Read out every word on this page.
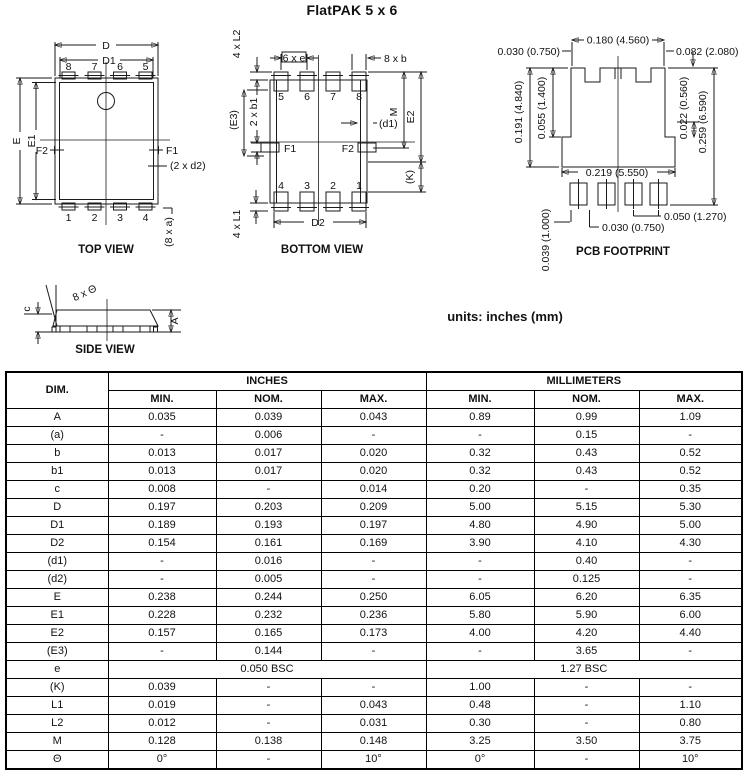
FlatPAK 5 x 6
8 7 6 5
1 2 3 4
D
D1
E E1
F2	F1
(2 x d2)
(8 x a)
TOP VIEW
5 6 7 8
4 3 2 1
F1	F2
4 x L2
6 x e	8 x b
(E3) 2 x b1	M E2
(d1)
(K)
D2
4 x L1
BOTTOM VIEW
0.180 (4.560)
0.030 (0.750)	0.082 (2.080)
0.191 (4.840) 0.055 (1.400)	0.022 (0.560) 0.259 (6.590)
0.219 (5.550)
0.050 (1.270)
0.030 (0.750)
0.039 (1.000) PCB FOOTPRINT
8 x Θ
c
A
SIDE VIEW
units: inches (mm)
DIM.	INCHES			MILLIMETERS		
	MIN.	NOM.	MAX.	MIN.	NOM.	MAX.
A	0.035	0.039	0.043	0.89	0.99	1.09
(a)	-	0.006	-	-	0.15	-
b	0.013	0.017	0.020	0.32	0.43	0.52
b1	0.013	0.017	0.020	0.32	0.43	0.52
c	0.008	-	0.014	0.20	-	0.35
D	0.197	0.203	0.209	5.00	5.15	5.30
D1	0.189	0.193	0.197	4.80	4.90	5.00
D2	0.154	0.161	0.169	3.90	4.10	4.30
(d1)	-	0.016	-	-	0.40	-
(d2)	-	0.005	-	-	0.125	-
E	0.238	0.244	0.250	6.05	6.20	6.35
E1	0.228	0.232	0.236	5.80	5.90	6.00
E2	0.157	0.165	0.173	4.00	4.20	4.40
(E3)	-	0.144	-	-	3.65	-
e	0.050 BSC			1.27 BSC		
(K)	0.039	-	-	1.00	-	-
L1	0.019	-	0.043	0.48	-	1.10
L2	0.012	-	0.031	0.30	-	0.80
M	0.128	0.138	0.148	3.25	3.50	3.75
Θ	0°	-	10°	0°	-	10°
